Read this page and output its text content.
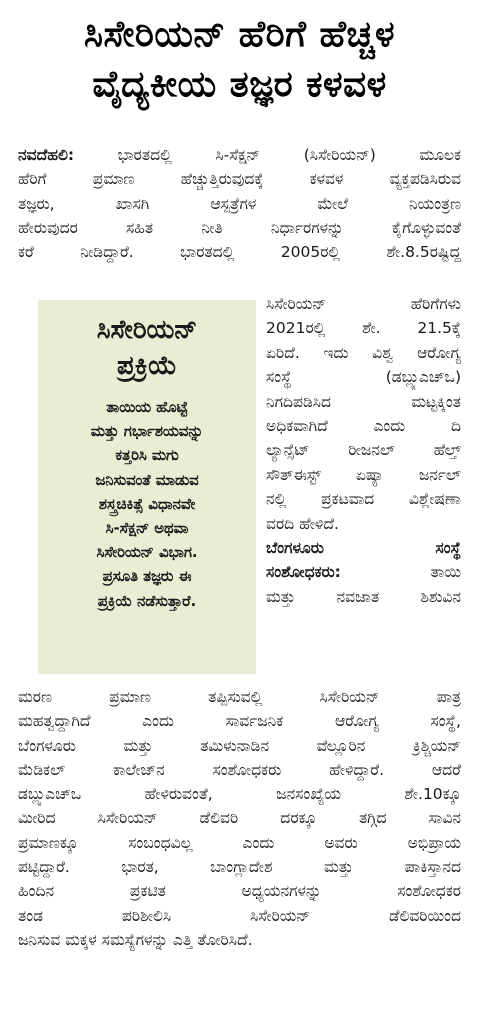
ಸಿಸೇರಿಯನ್ ಹೆರಿಗೆ ಹೆಚ್ಚಳ
ವೈದ್ಯಕೀಯ ತಜ್ಞರ ಕಳವಳ
ನವದೆಹಲಿ: ಭಾರತದಲ್ಲಿ ಸಿ-ಸೆಕ್ಷನ್ (ಸಿಸೇರಿಯನ್) ಮೂಲಕ
ಹೆರಿಗೆ ಪ್ರಮಾಣ ಹೆಚ್ಚುತ್ತಿರುವುದಕ್ಕೆ ಕಳವಳ ವ್ಯಕ್ತಪಡಿಸಿರುವ
ತಜ್ಞರು, ಖಾಸಗಿ ಆಸ್ಪತ್ರೆಗಳ ಮೇಲೆ ನಿಯಂತ್ರಣ
ಹೇರುವುದರ ಸಹಿತ ನೀತಿ ನಿರ್ಧಾರಗಳನ್ನು ಕೈಗೊಳ್ಳುವಂತೆ
ಕರೆ ನೀಡಿದ್ದಾರೆ. ಭಾರತದಲ್ಲಿ 2005ರಲ್ಲಿ ಶೇ.8.5ರಷ್ಟಿದ್ದ
ಸಿಸೇರಿಯನ್
ಪ್ರಕ್ರಿಯೆ
ತಾಯಿಯ ಹೊಟ್ಟೆ
ಮತ್ತು ಗರ್ಭಾಶಯವನ್ನು
ಕತ್ತರಿಸಿ ಮಗು
ಜನಿಸುವಂತೆ ಮಾಡುವ
ಶಸ್ತ್ರಚಿಕಿತ್ಸೆ ವಿಧಾನವೇ
ಸಿ-ಸೆಕ್ಷನ್ ಅಥವಾ
ಸಿಸೇರಿಯನ್ ವಿಭಾಗ.
ಪ್ರಸೂತಿ ತಜ್ಞರು ಈ
ಪ್ರಕ್ರಿಯೆ ನಡೆಸುತ್ತಾರೆ.
ಸಿಸೇರಿಯನ್ ಹೆರಿಗೆಗಳು
2021ರಲ್ಲಿ ಶೇ. 21.5ಕ್ಕೆ
ಏರಿದೆ. ಇದು ವಿಶ್ವ ಆರೋಗ್ಯ
ಸಂಸ್ಥೆ (ಡಬ್ಲ್ಯುಎಚ್‌ಒ)
ನಿಗದಿಪಡಿಸಿದ ಮಟ್ಟಕ್ಕಿಂತ
ಅಧಿಕವಾಗಿದೆ ಎಂದು ದಿ
ಲ್ಯಾನ್ಸೆಟ್ ರೀಜನಲ್ ಹೆಲ್ತ್
ಸೌತ್‌ಈಸ್ಟ್ ಏಷ್ಯಾ ಜರ್ನಲ್
ನಲ್ಲಿ ಪ್ರಕಟವಾದ ವಿಶ್ಲೇಷಣಾ
ವರದಿ ಹೇಳಿದೆ.
ಬೆಂಗಳೂರು ಸಂಸ್ಥೆ
ಸಂಶೋಧಕರು: ತಾಯಿ
ಮತ್ತು ನವಜಾತ ಶಿಶುವಿನ
ಮರಣ ಪ್ರಮಾಣ ತಪ್ಪಿಸುವಲ್ಲಿ ಸಿಸೇರಿಯನ್ ಪಾತ್ರ
ಮಹತ್ವದ್ದಾಗಿದೆ ಎಂದು ಸಾರ್ವಜನಿಕ ಆರೋಗ್ಯ ಸಂಸ್ಥೆ,
ಬೆಂಗಳೂರು ಮತ್ತು ತಮಿಳುನಾಡಿನ ವೆಲ್ಲೂರಿನ ಕ್ರಿಶ್ಚಿಯನ್
ಮೆಡಿಕಲ್ ಕಾಲೇಜ್‌ನ ಸಂಶೋಧಕರು ಹೇಳಿದ್ದಾರೆ. ಆದರೆ
ಡಬ್ಲ್ಯುಎಚ್‌ಒ ಹೇಳಿರುವಂತೆ, ಜನಸಂಖ್ಯೆಯ ಶೇ.10ಕ್ಕೂ
ಮೀರಿದ ಸಿಸೇರಿಯನ್ ಡೆಲಿವರಿ ದರಕ್ಕೂ ತಗ್ಗಿದ ಸಾವಿನ
ಪ್ರಮಾಣಕ್ಕೂ ಸಂಬಂಧವಿಲ್ಲ ಎಂದು ಅವರು ಅಭಿಪ್ರಾಯ
ಪಟ್ಟಿದ್ದಾರೆ. ಭಾರತ, ಬಾಂಗ್ಲಾದೇಶ ಮತ್ತು ಪಾಕಿಸ್ತಾನದ
ಹಿಂದಿನ ಪ್ರಕಟಿತ ಅಧ್ಯಯನಗಳನ್ನು ಸಂಶೋಧಕರ
ತಂಡ ಪರಿಶೀಲಿಸಿ ಸಿಸೇರಿಯನ್ ಡೆಲಿವರಿಯಿಂದ
ಜನಿಸುವ ಮಕ್ಕಳ ಸಮಸ್ಯೆಗಳನ್ನು ಎತ್ತಿ ತೋರಿಸಿದೆ.
